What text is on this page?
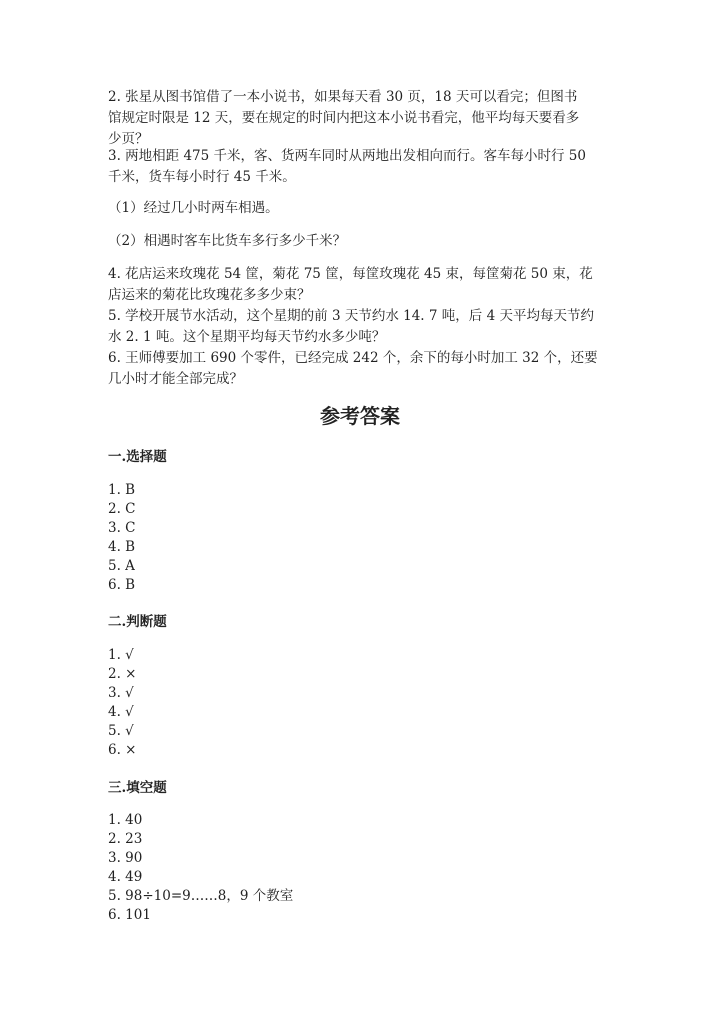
2. 张星从图书馆借了一本小说书，如果每天看 30 页，18 天可以看完；但图书
馆规定时限是 12 天，要在规定的时间内把这本小说书看完，他平均每天要看多
少页？
3. 两地相距 475 千米，客、货两车同时从两地出发相向而行。客车每小时行 50
千米，货车每小时行 45 千米。
（1）经过几小时两车相遇。
（2）相遇时客车比货车多行多少千米？
4. 花店运来玫瑰花 54 筐，菊花 75 筐，每筐玫瑰花 45 束，每筐菊花 50 束，花
店运来的菊花比玫瑰花多多少束？
5. 学校开展节水活动，这个星期的前 3 天节约水 14. 7 吨，后 4 天平均每天节约
水 2. 1 吨。这个星期平均每天节约水多少吨？
6. 王师傅要加工 690 个零件，已经完成 242 个，余下的每小时加工 32 个，还要
几小时才能全部完成？
参考答案
一.选择题
1. B
2. C
3. C
4. B
5. A
6. B
二.判断题
1. √
2. ×
3. √
4. √
5. √
6. ×
三.填空题
1. 40
2. 23
3. 90
4. 49
5. 98÷10=9……8，9 个教室
6. 101
